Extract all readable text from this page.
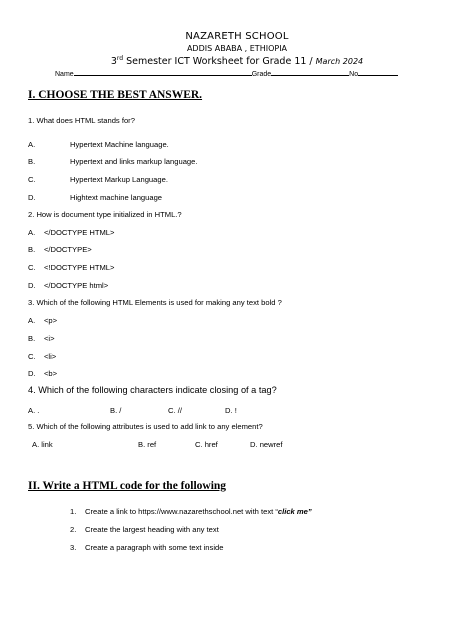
NAZARETH SCHOOL
ADDIS ABABA , ETHIOPIA
3rd Semester ICT Worksheet for Grade 11 / March 2024
Name	Grade	No
I. CHOOSE THE BEST ANSWER.
1. What does HTML stands for?
A.	Hypertext Machine language.
B.	Hypertext and links markup language.
C.	Hypertext Markup Language.
D.	Hightext machine language
2. How is document type initialized in HTML.?
A. </DOCTYPE HTML>
B. </DOCTYPE>
C. <!DOCTYPE HTML>
D. </DOCTYPE html>
3. Which of the following HTML Elements is used for making any text bold ?
A. <p>
B. <i>
C. <li>
D. <b>
4. Which of the following characters indicate closing of a tag?
A. .	B. /	C. //	D. !
5. Which of the following attributes is used to add link to any element?
A. link	B. ref	C. href	D. newref
II. Write a HTML code for the following
1. Create a link to https://www.nazarethschool.net with text “click me”
2. Create the largest heading with any text
3. Create a paragraph with some text inside
